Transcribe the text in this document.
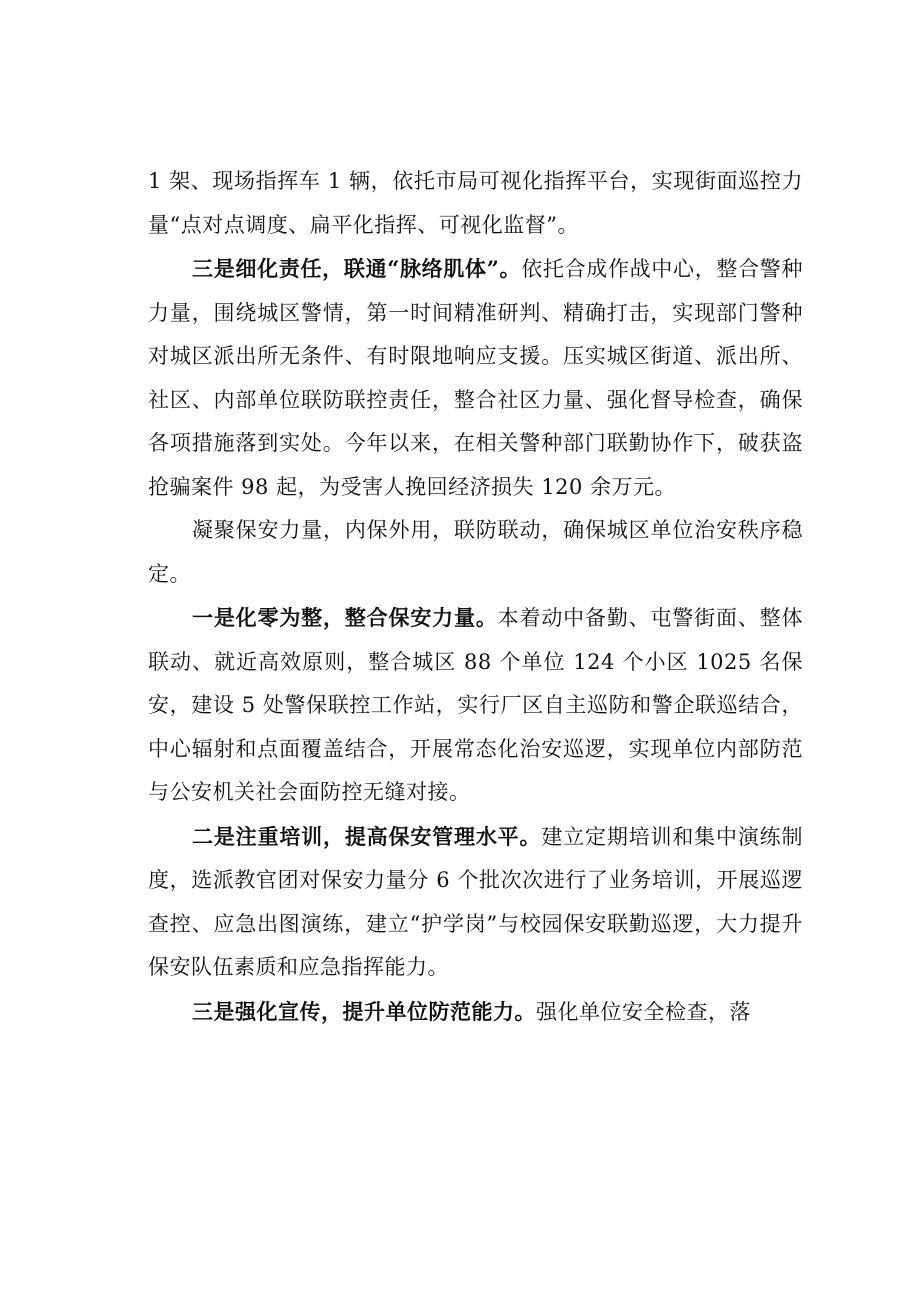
1 架、现场指挥车 1 辆，依托市局可视化指挥平台，实现街面巡控力量“点对点调度、扁平化指挥、可视化监督”。

三是细化责任，联通“脉络肌体”。依托合成作战中心，整合警种力量，围绕城区警情，第一时间精准研判、精确打击，实现部门警种对城区派出所无条件、有时限地响应支援。压实城区街道、派出所、社区、内部单位联防联控责任，整合社区力量、强化督导检查，确保各项措施落到实处。今年以来，在相关警种部门联勤协作下，破获盗抢骗案件 98 起，为受害人挽回经济损失 120 余万元。

凝聚保安力量，内保外用，联防联动，确保城区单位治安秩序稳定。

一是化零为整，整合保安力量。本着动中备勤、屯警街面、整体联动、就近高效原则，整合城区 88 个单位 124 个小区 1025 名保安，建设 5 处警保联控工作站，实行厂区自主巡防和警企联巡结合，中心辐射和点面覆盖结合，开展常态化治安巡逻，实现单位内部防范与公安机关社会面防控无缝对接。

二是注重培训，提高保安管理水平。建立定期培训和集中演练制度，选派教官团对保安力量分 6 个批次次进行了业务培训，开展巡逻查控、应急出图演练，建立“护学岗”与校园保安联勤巡逻，大力提升保安队伍素质和应急指挥能力。

三是强化宣传，提升单位防范能力。强化单位安全检查，落
